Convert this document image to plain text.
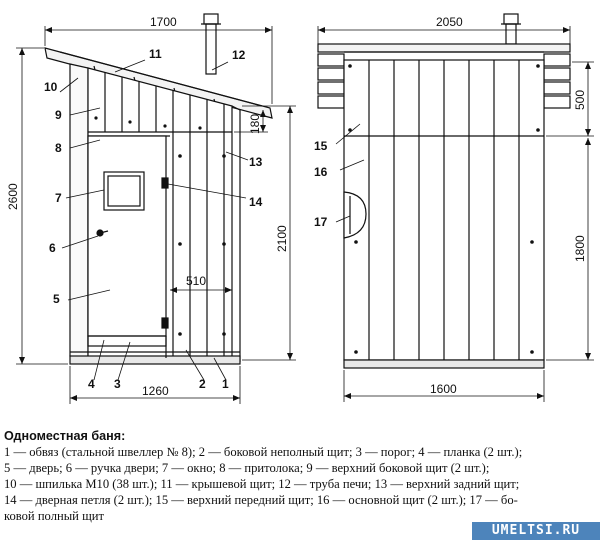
1700
2600
1260
510
2100
180
11	12
10
9
8
13
7	14
6
5
4 3	2 1
2050
1600
500
1800
15
16
17
Одноместная баня:
1 — обвяз (стальной швеллер № 8); 2 — боковой неполный щит; 3 — порог; 4 — планка (2 шт.);
5 — дверь; 6 — ручка двери; 7 — окно; 8 — притолока; 9 — верхний боковой щит (2 шт.);
10 — шпилька М10 (38 шт.); 11 — крышевой щит; 12 — труба печи; 13 — верхний задний щит;
14 — дверная петля (2 шт.); 15 — верхний передний щит; 16 — основной щит (2 шт.); 17 — бо-
ковой полный щит
UMELTSI.RU
